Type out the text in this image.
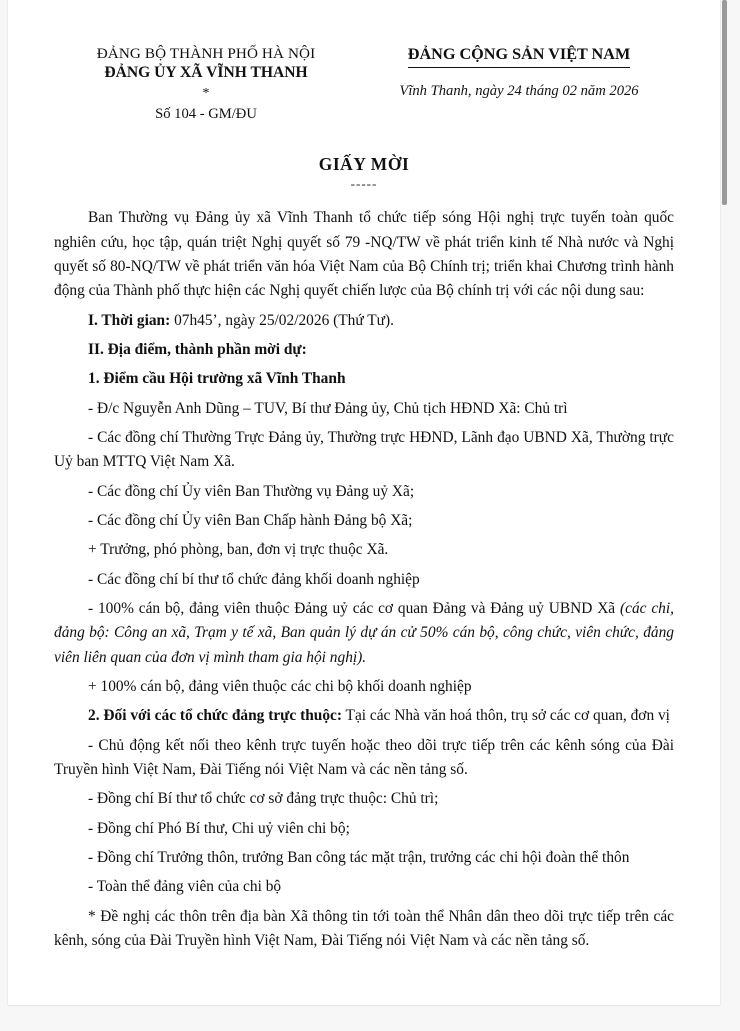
ĐẢNG BỘ THÀNH PHỐ HÀ NỘI
ĐẢNG ỦY XÃ VĨNH THANH
*
Số 104 - GM/ĐU
ĐẢNG CỘNG SẢN VIỆT NAM
Vĩnh Thanh, ngày 24 tháng 02 năm 2026
GIẤY MỜI
-----

Ban Thường vụ Đảng ủy xã Vĩnh Thanh tổ chức tiếp sóng Hội nghị trực tuyến toàn quốc nghiên cứu, học tập, quán triệt Nghị quyết số 79 -NQ/TW về phát triển kinh tế Nhà nước và Nghị quyết số 80-NQ/TW về phát triển văn hóa Việt Nam của Bộ Chính trị; triển khai Chương trình hành động của Thành phố thực hiện các Nghị quyết chiến lược của Bộ chính trị với các nội dung sau:

I. Thời gian: 07h45’, ngày 25/02/2026 (Thứ Tư).

II. Địa điểm, thành phần mời dự:

1. Điểm cầu Hội trường xã Vĩnh Thanh

- Đ/c Nguyễn Anh Dũng – TUV, Bí thư Đảng ủy, Chủ tịch HĐND Xã: Chủ trì

- Các đồng chí Thường Trực Đảng ủy, Thường trực HĐND, Lãnh đạo UBND Xã, Thường trực Uỷ ban MTTQ Việt Nam Xã.

- Các đồng chí Ủy viên Ban Thường vụ Đảng uỷ Xã;

- Các đồng chí Ủy viên Ban Chấp hành Đảng bộ Xã;

+ Trưởng, phó phòng, ban, đơn vị trực thuộc Xã.

- Các đồng chí bí thư tổ chức đảng khối doanh nghiệp

- 100% cán bộ, đảng viên thuộc Đảng uỷ các cơ quan Đảng và Đảng uỷ UBND Xã (các chi, đảng bộ: Công an xã, Trạm y tế xã, Ban quản lý dự án cử 50% cán bộ, công chức, viên chức, đảng viên liên quan của đơn vị mình tham gia hội nghị).

+ 100% cán bộ, đảng viên thuộc các chi bộ khối doanh nghiệp

2. Đối với các tổ chức đảng trực thuộc: Tại các Nhà văn hoá thôn, trụ sở các cơ quan, đơn vị

- Chủ động kết nối theo kênh trực tuyến hoặc theo dõi trực tiếp trên các kênh sóng của Đài Truyền hình Việt Nam, Đài Tiếng nói Việt Nam và các nền tảng số.

- Đồng chí Bí thư tổ chức cơ sở đảng trực thuộc: Chủ trì;

- Đồng chí Phó Bí thư, Chi uỷ viên chi bộ;

- Đồng chí Trưởng thôn, trưởng Ban công tác mặt trận, trưởng các chi hội đoàn thể thôn

- Toàn thể đảng viên của chi bộ

* Đề nghị các thôn trên địa bàn Xã thông tin tới toàn thể Nhân dân theo dõi trực tiếp trên các kênh, sóng của Đài Truyền hình Việt Nam, Đài Tiếng nói Việt Nam và các nền tảng số.
